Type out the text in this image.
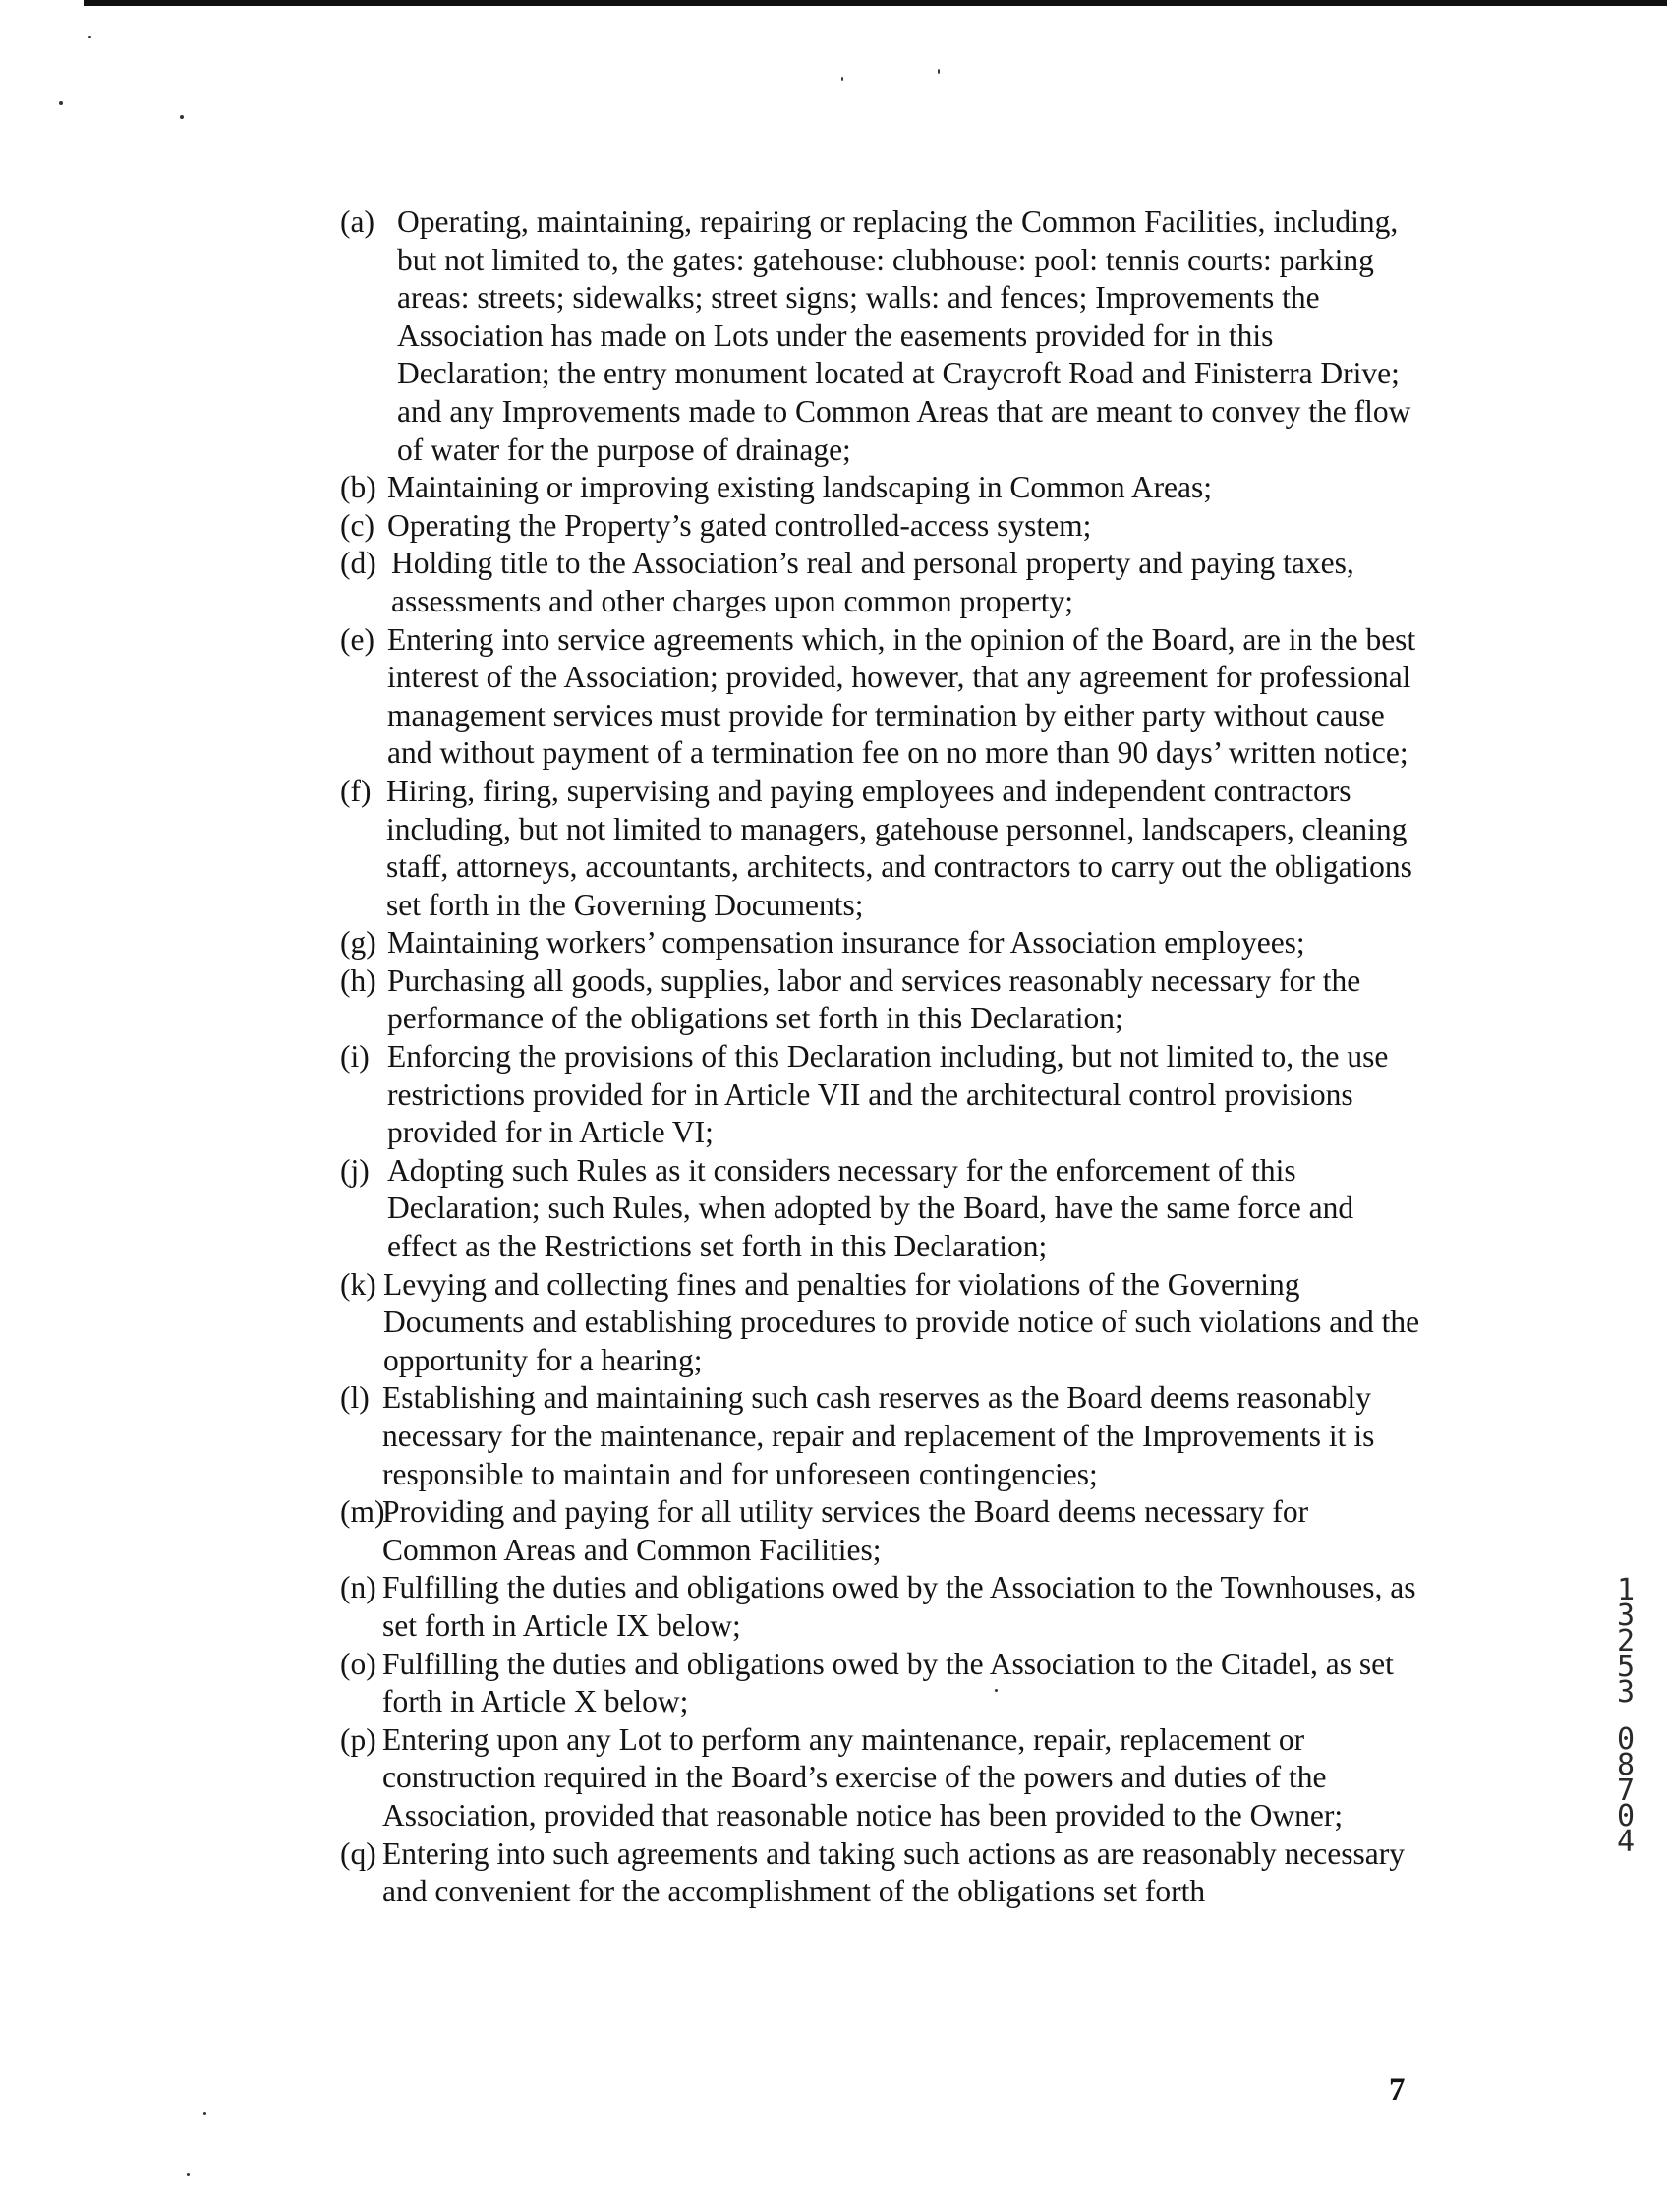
(a) Operating, maintaining, repairing or replacing the Common Facilities, including, but not limited to, the gates: gatehouse: clubhouse: pool: tennis courts: parking areas: streets; sidewalks; street signs; walls: and fences; Improvements the Association has made on Lots under the easements provided for in this Declaration; the entry monument located at Craycroft Road and Finisterra Drive; and any Improvements made to Common Areas that are meant to convey the flow of water for the purpose of drainage;
(b) Maintaining or improving existing landscaping in Common Areas;
(c) Operating the Property’s gated controlled-access system;
(d) Holding title to the Association’s real and personal property and paying taxes, assessments and other charges upon common property;
(e) Entering into service agreements which, in the opinion of the Board, are in the best interest of the Association; provided, however, that any agreement for professional management services must provide for termination by either party without cause and without payment of a termination fee on no more than 90 days’ written notice;
(f) Hiring, firing, supervising and paying employees and independent contractors including, but not limited to managers, gatehouse personnel, landscapers, cleaning staff, attorneys, accountants, architects, and contractors to carry out the obligations set forth in the Governing Documents;
(g) Maintaining workers’ compensation insurance for Association employees;
(h) Purchasing all goods, supplies, labor and services reasonably necessary for the performance of the obligations set forth in this Declaration;
(i) Enforcing the provisions of this Declaration including, but not limited to, the use restrictions provided for in Article VII and the architectural control provisions provided for in Article VI;
(j) Adopting such Rules as it considers necessary for the enforcement of this Declaration; such Rules, when adopted by the Board, have the same force and effect as the Restrictions set forth in this Declaration;
(k) Levying and collecting fines and penalties for violations of the Governing Documents and establishing procedures to provide notice of such violations and the opportunity for a hearing;
(l) Establishing and maintaining such cash reserves as the Board deems reasonably necessary for the maintenance, repair and replacement of the Improvements it is responsible to maintain and for unforeseen contingencies;
(m)
Providing and paying for all utility services the Board deems necessary for Common Areas and Common Facilities;
(n) Fulfilling the duties and obligations owed by the Association to the Townhouses, as set forth in Article IX below;
(o) Fulfilling the duties and obligations owed by the Association to the Citadel, as set forth in Article X below;
(p) Entering upon any Lot to perform any maintenance, repair, replacement or construction required in the Board’s exercise of the powers and duties of the Association, provided that reasonable notice has been provided to the Owner;
(q) Entering into such agreements and taking such actions as are reasonably necessary and convenient for the accomplishment of the obligations set forth
1
3
2
5
3
0
8
7
0
4
7
